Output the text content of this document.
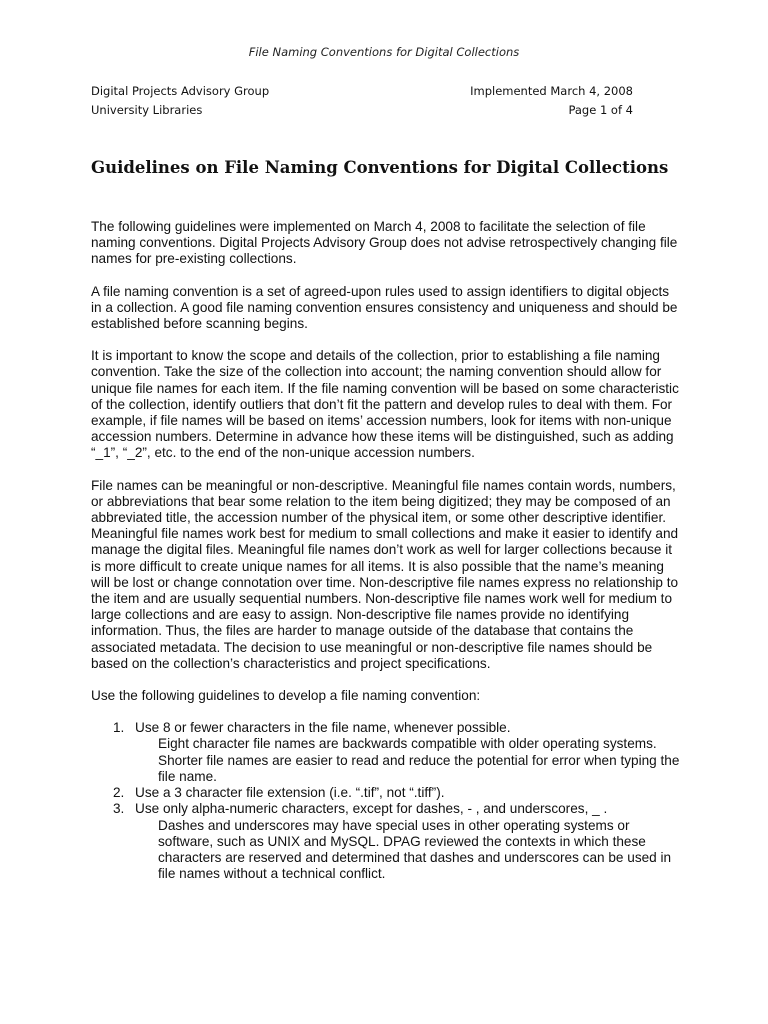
File Naming Conventions for Digital Collections
Digital Projects Advisory Group	Implemented March 4, 2008
University Libraries	Page 1 of 4
Guidelines on File Naming Conventions for Digital Collections

The following guidelines were implemented on March 4, 2008 to facilitate the selection of file naming conventions. Digital Projects Advisory Group does not advise retrospectively changing file names for pre-existing collections.

A file naming convention is a set of agreed-upon rules used to assign identifiers to digital objects in a collection. A good file naming convention ensures consistency and uniqueness and should be established before scanning begins.

It is important to know the scope and details of the collection, prior to establishing a file naming convention. Take the size of the collection into account; the naming convention should allow for unique file names for each item. If the file naming convention will be based on some characteristic of the collection, identify outliers that don’t fit the pattern and develop rules to deal with them. For example, if file names will be based on items’ accession numbers, look for items with non-unique accession numbers. Determine in advance how these items will be distinguished, such as adding “_1”, “_2”, etc. to the end of the non-unique accession numbers.

File names can be meaningful or non-descriptive. Meaningful file names contain words, numbers, or abbreviations that bear some relation to the item being digitized; they may be composed of an abbreviated title, the accession number of the physical item, or some other descriptive identifier. Meaningful file names work best for medium to small collections and make it easier to identify and manage the digital files. Meaningful file names don’t work as well for larger collections because it is more difficult to create unique names for all items. It is also possible that the name’s meaning will be lost or change connotation over time. Non-descriptive file names express no relationship to the item and are usually sequential numbers. Non-descriptive file names work well for medium to large collections and are easy to assign. Non-descriptive file names provide no identifying information. Thus, the files are harder to manage outside of the database that contains the associated metadata. The decision to use meaningful or non-descriptive file names should be based on the collection’s characteristics and project specifications.

Use the following guidelines to develop a file naming convention:

1. Use 8 or fewer characters in the file name, whenever possible.
Eight character file names are backwards compatible with older operating systems. Shorter file names are easier to read and reduce the potential for error when typing the file name.
2. Use a 3 character file extension (i.e. “.tif”, not “.tiff”).
3. Use only alpha-numeric characters, except for dashes, - , and underscores, _ .
Dashes and underscores may have special uses in other operating systems or software, such as UNIX and MySQL. DPAG reviewed the contexts in which these characters are reserved and determined that dashes and underscores can be used in file names without a technical conflict.
